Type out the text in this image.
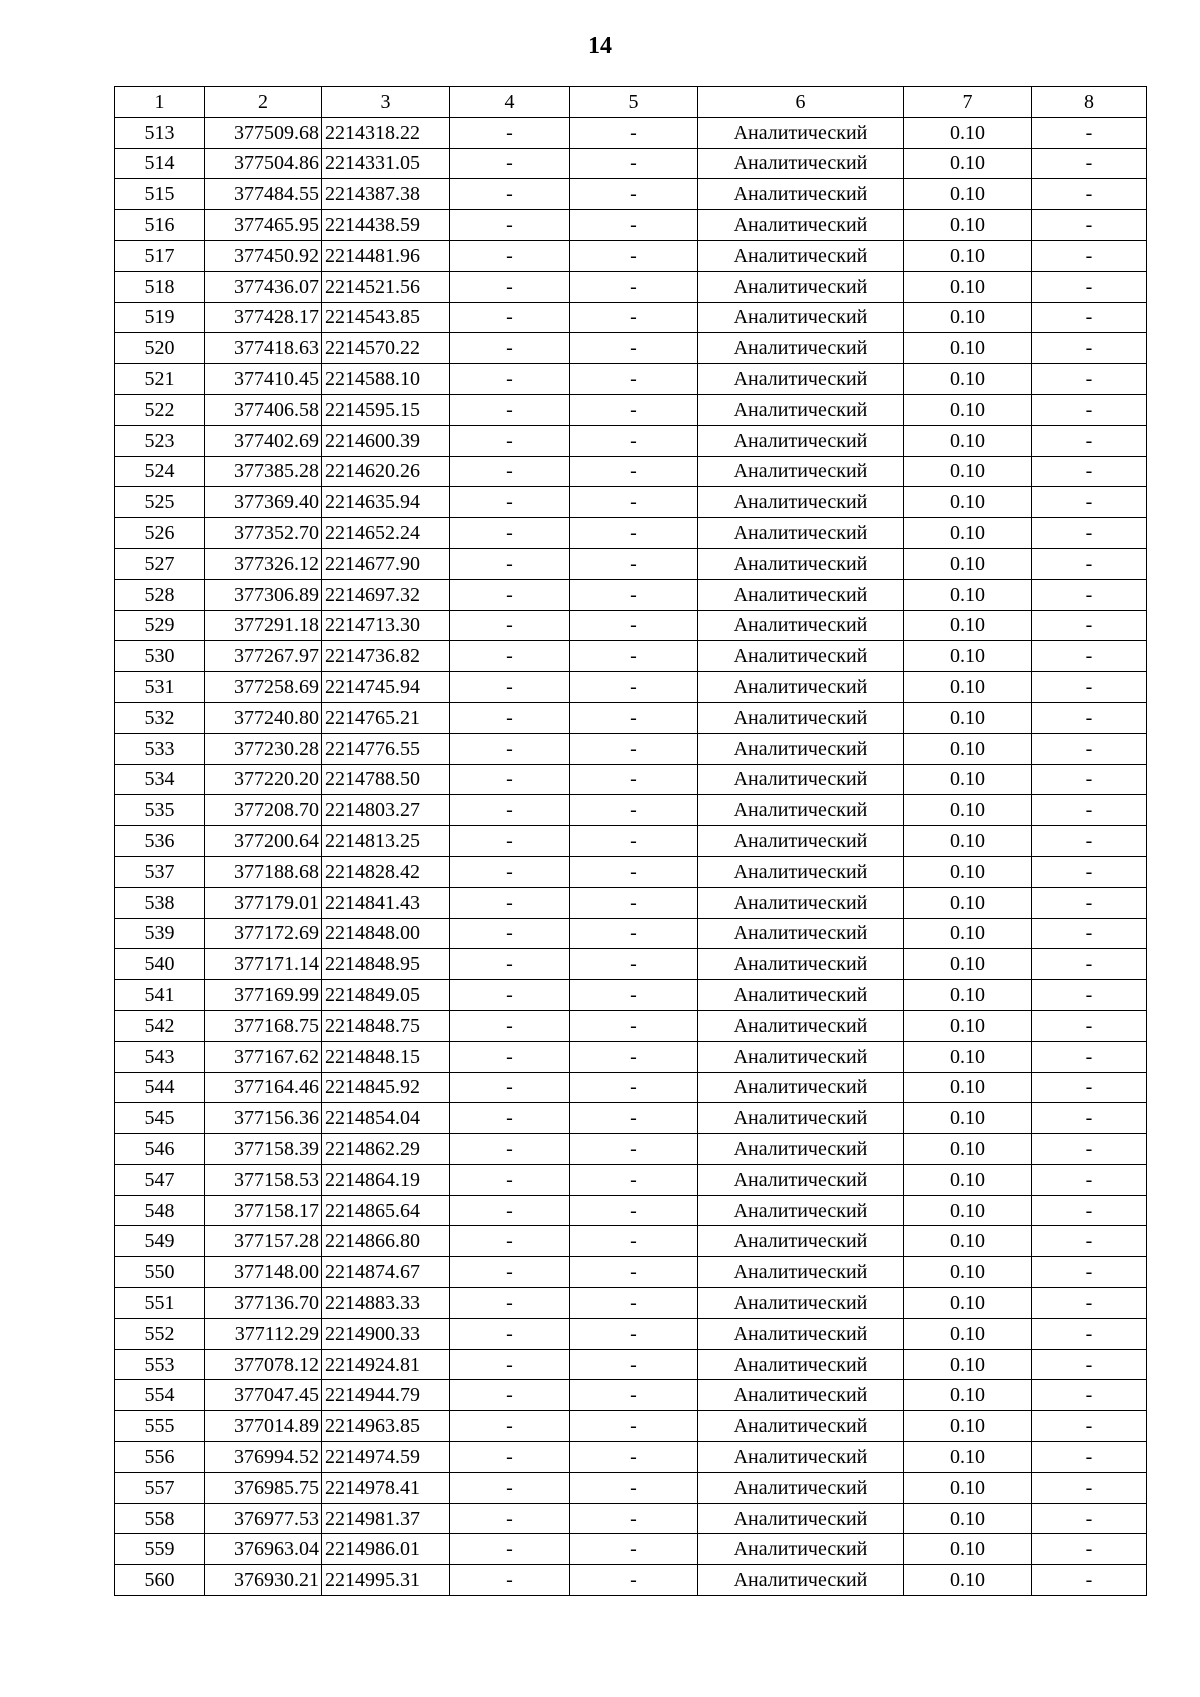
14
1	2	3	4	5	6	7	8
513	377509.68	2214318.22	-	-	Аналитический	0.10	-
514	377504.86	2214331.05	-	-	Аналитический	0.10	-
515	377484.55	2214387.38	-	-	Аналитический	0.10	-
516	377465.95	2214438.59	-	-	Аналитический	0.10	-
517	377450.92	2214481.96	-	-	Аналитический	0.10	-
518	377436.07	2214521.56	-	-	Аналитический	0.10	-
519	377428.17	2214543.85	-	-	Аналитический	0.10	-
520	377418.63	2214570.22	-	-	Аналитический	0.10	-
521	377410.45	2214588.10	-	-	Аналитический	0.10	-
522	377406.58	2214595.15	-	-	Аналитический	0.10	-
523	377402.69	2214600.39	-	-	Аналитический	0.10	-
524	377385.28	2214620.26	-	-	Аналитический	0.10	-
525	377369.40	2214635.94	-	-	Аналитический	0.10	-
526	377352.70	2214652.24	-	-	Аналитический	0.10	-
527	377326.12	2214677.90	-	-	Аналитический	0.10	-
528	377306.89	2214697.32	-	-	Аналитический	0.10	-
529	377291.18	2214713.30	-	-	Аналитический	0.10	-
530	377267.97	2214736.82	-	-	Аналитический	0.10	-
531	377258.69	2214745.94	-	-	Аналитический	0.10	-
532	377240.80	2214765.21	-	-	Аналитический	0.10	-
533	377230.28	2214776.55	-	-	Аналитический	0.10	-
534	377220.20	2214788.50	-	-	Аналитический	0.10	-
535	377208.70	2214803.27	-	-	Аналитический	0.10	-
536	377200.64	2214813.25	-	-	Аналитический	0.10	-
537	377188.68	2214828.42	-	-	Аналитический	0.10	-
538	377179.01	2214841.43	-	-	Аналитический	0.10	-
539	377172.69	2214848.00	-	-	Аналитический	0.10	-
540	377171.14	2214848.95	-	-	Аналитический	0.10	-
541	377169.99	2214849.05	-	-	Аналитический	0.10	-
542	377168.75	2214848.75	-	-	Аналитический	0.10	-
543	377167.62	2214848.15	-	-	Аналитический	0.10	-
544	377164.46	2214845.92	-	-	Аналитический	0.10	-
545	377156.36	2214854.04	-	-	Аналитический	0.10	-
546	377158.39	2214862.29	-	-	Аналитический	0.10	-
547	377158.53	2214864.19	-	-	Аналитический	0.10	-
548	377158.17	2214865.64	-	-	Аналитический	0.10	-
549	377157.28	2214866.80	-	-	Аналитический	0.10	-
550	377148.00	2214874.67	-	-	Аналитический	0.10	-
551	377136.70	2214883.33	-	-	Аналитический	0.10	-
552	377112.29	2214900.33	-	-	Аналитический	0.10	-
553	377078.12	2214924.81	-	-	Аналитический	0.10	-
554	377047.45	2214944.79	-	-	Аналитический	0.10	-
555	377014.89	2214963.85	-	-	Аналитический	0.10	-
556	376994.52	2214974.59	-	-	Аналитический	0.10	-
557	376985.75	2214978.41	-	-	Аналитический	0.10	-
558	376977.53	2214981.37	-	-	Аналитический	0.10	-
559	376963.04	2214986.01	-	-	Аналитический	0.10	-
560	376930.21	2214995.31	-	-	Аналитический	0.10	-
